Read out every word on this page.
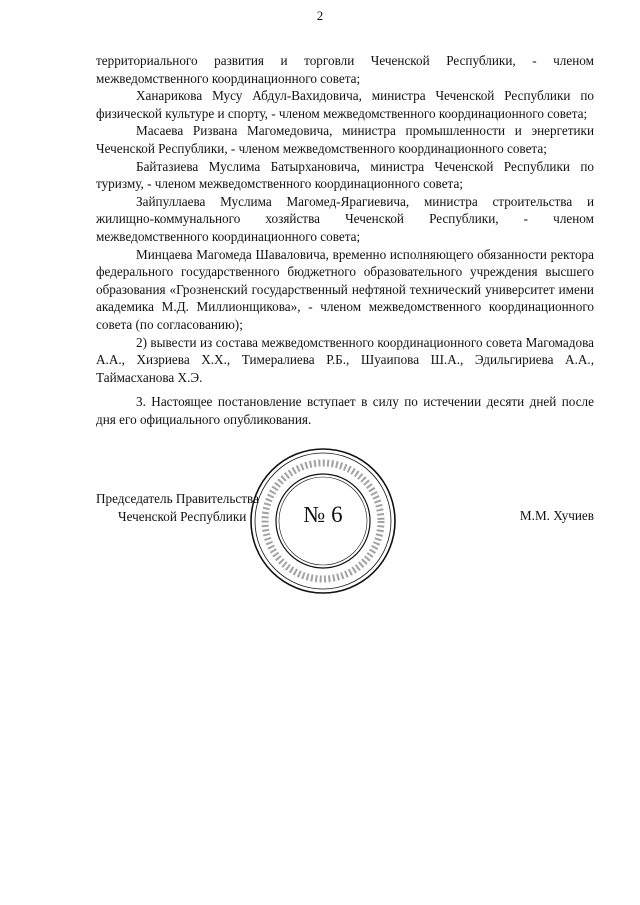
2

территориального развития и торговли Чеченской Республики, - членом межведомственного координационного совета;

Ханарикова Мусу Абдул-Вахидовича, министра Чеченской Республики по физической культуре и спорту, - членом межведомственного координационного совета;

Масаева Ризвана Магомедовича, министра промышленности и энергетики Чеченской Республики, - членом межведомственного координационного совета;

Байтазиева Муслима Батырхановича, министра Чеченской Республики по туризму, - членом межведомственного координационного совета;

Зайпуллаева Муслима Магомед-Ярагиевича, министра строительства и жилищно-коммунального хозяйства Чеченской Республики, - членом межведомственного координационного совета;

Минцаева Магомеда Шаваловича, временно исполняющего обязанности ректора федерального государственного бюджетного образовательного учреждения высшего образования «Грозненский государственный нефтяной технический университет имени академика М.Д. Миллионщикова», - членом межведомственного координационного совета (по согласованию);

2) вывести из состава межведомственного координационного совета Магомадова А.А., Хизриева Х.Х., Тимералиева Р.Б., Шуаипова Ш.А., Эдильгириева А.А., Таймасханова Х.Э.

3. Настоящее постановление вступает в силу по истечении десяти дней после дня его официального опубликования.

№ 6
Председатель Правительства
Чеченской Республики	М.М. Хучиев
